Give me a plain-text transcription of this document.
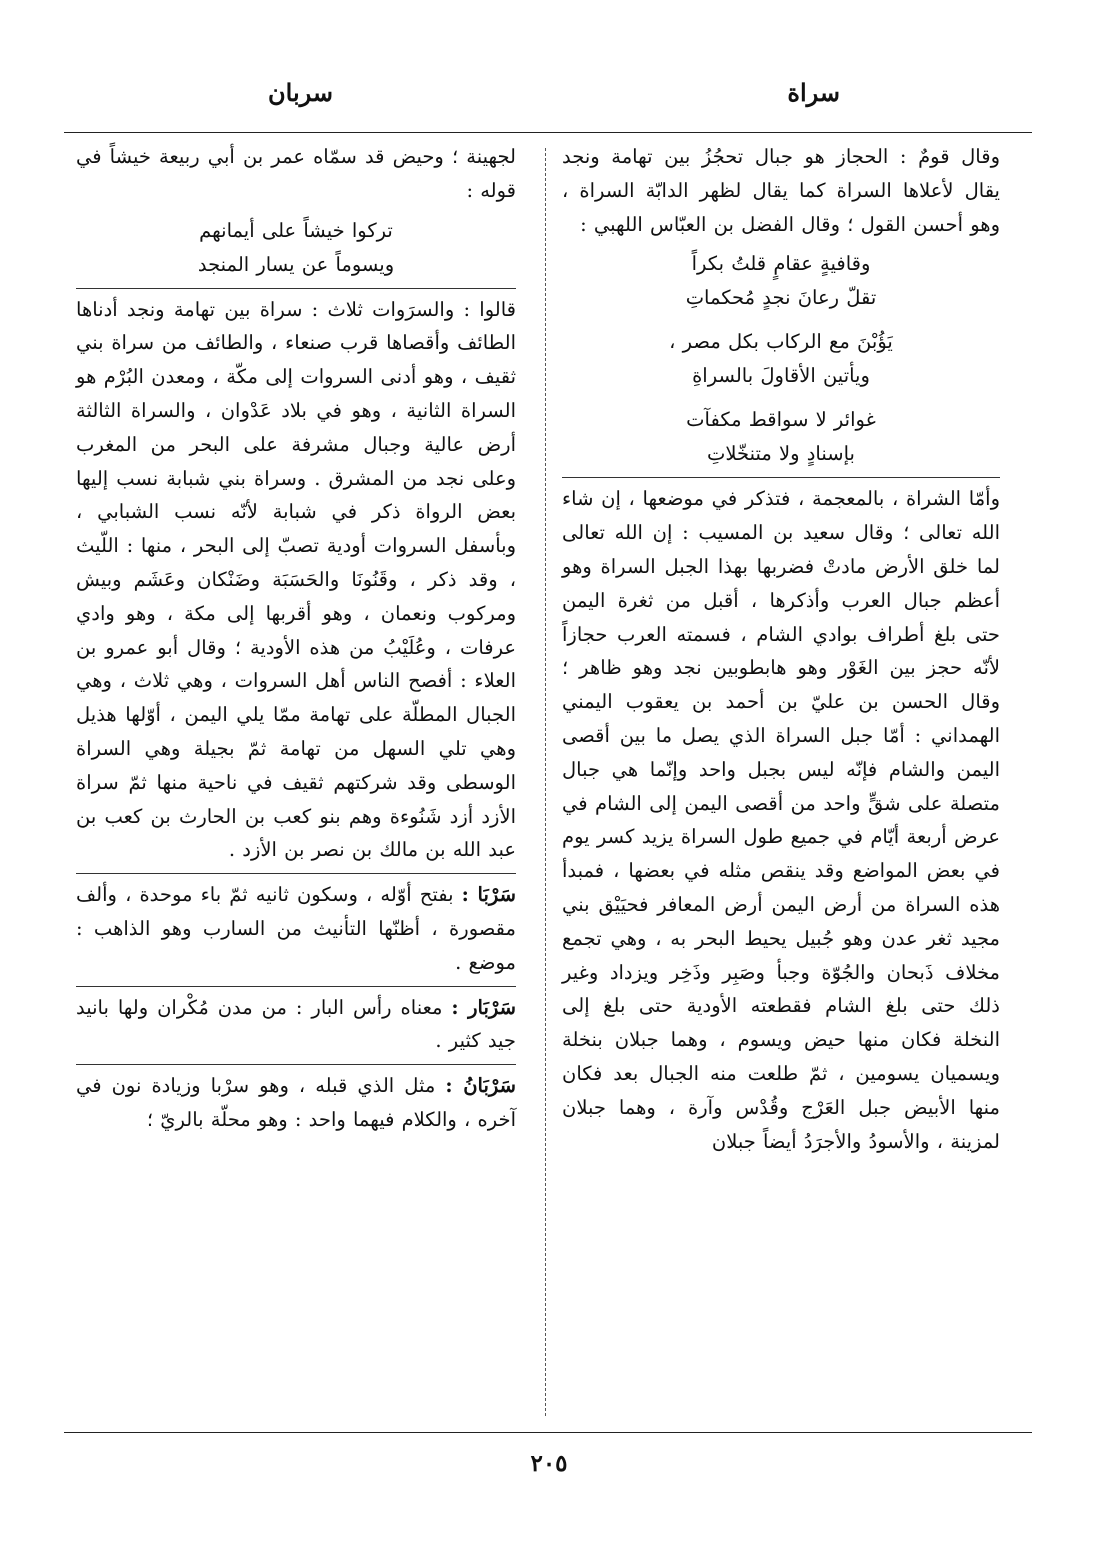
سراة
سربان

وقال قومٌ : الحجاز هو جبال تحجُزُ بين تهامة ونجد يقال لأعلاها السراة كما يقال لظهر الدابّة السراة ، وهو أحسن القول ؛ وقال الفضل بن العبّاس اللهبي :

وقافيةٍ عقامٍ قلتُ بكراً
تقلّ رعانَ نجدٍ مُحكماتِ
يَؤُبْنَ مع الركاب بكل مصر ،
ويأتين الأقاولَ بالسراةِ
غوائر لا سواقط مكفآت
بإسنادٍ ولا متنخّلاتِ

وأمّا الشراة ، بالمعجمة ، فتذكر في موضعها ، إن شاء الله تعالى ؛ وقال سعيد بن المسيب : إن الله تعالى لما خلق الأرض مادتْ فضربها بهذا الجبل السراة وهو أعظم جبال العرب وأذكرها ، أقبل من ثغرة اليمن حتى بلغ أطراف بوادي الشام ، فسمته العرب حجازاً لأنّه حجز بين الغَوْر وهو هابطوبين نجد وهو ظاهر ؛ وقال الحسن بن عليّ بن أحمد بن يعقوب اليمني الهمداني : أمّا جبل السراة الذي يصل ما بين أقصى اليمن والشام فإنّه ليس بجبل واحد وإنّما هي جبال متصلة على شقٍّ واحد من أقصى اليمن إلى الشام في عرض أربعة أيّام في جميع طول السراة يزيد كسر يوم في بعض المواضع وقد ينقص مثله في بعضها ، فمبدأ هذه السراة من أرض اليمن أرض المعافر فحيَيْق بني مجيد ثغر عدن وهو جُبيل يحيط البحر به ، وهي تجمع مخلاف ذَبحان والجُوّة وجبأ وصَبِر وذَخِر ويزداد وغير ذلك حتى بلغ الشام فقطعته الأودية حتى بلغ إلى النخلة فكان منها حيض ويسوم ، وهما جبلان بنخلة ويسميان يسومين ، ثمّ طلعت منه الجبال بعد فكان منها الأبيض جبل العَرْج وقُدْس وآرة ، وهما جبلان لمزينة ، والأسودُ والأجرَدُ أيضاً جبلان

لجهينة ؛ وحيض قد سمّاه عمر بن أبي ربيعة خيشاً في قوله :

تركوا خيشاً على أيمانهم
ويسوماً عن يسار المنجد

قالوا : والسرَوات ثلاث : سراة بين تهامة ونجد أدناها الطائف وأقصاها قرب صنعاء ، والطائف من سراة بني ثقيف ، وهو أدنى السروات إلى مكّة ، ومعدن البُرْم هو السراة الثانية ، وهو في بلاد عَدْوان ، والسراة الثالثة أرض عالية وجبال مشرفة على البحر من المغرب وعلى نجد من المشرق . وسراة بني شبابة نسب إليها بعض الرواة ذكر في شبابة لأنّه نسب الشبابي ، وبأسفل السروات أودية تصبّ إلى البحر ، منها : اللّيث ، وقد ذكر ، وقَنُونَا والحَسَبَة وضَنْكان وعَشَم وبيش ومركوب ونعمان ، وهو أقربها إلى مكة ، وهو وادي عرفات ، وعُلَيْبُ من هذه الأودية ؛ وقال أبو عمرو بن العلاء : أفصح الناس أهل السروات ، وهي ثلاث ، وهي الجبال المطلّة على تهامة ممّا يلي اليمن ، أوّلها هذيل وهي تلي السهل من تهامة ثمّ بجيلة وهي السراة الوسطى وقد شركتهم ثقيف في ناحية منها ثمّ سراة الأزد أزد شَنُوءة وهم بنو كعب بن الحارث بن كعب بن عبد الله بن مالك بن نصر بن الأزد .

سَرْبَا : بفتح أوّله ، وسكون ثانيه ثمّ باء موحدة ، وألف مقصورة ، أظنّها التأنيث من السارب وهو الذاهب : موضع .

سَرْبَار : معناه رأس البار : من مدن مُكْران ولها بانيد جيد كثير .

سَرْبَانُ : مثل الذي قبله ، وهو سرْبا وزيادة نون في آخره ، والكلام فيهما واحد : وهو محلّة بالريّ ؛

٢٠٥
